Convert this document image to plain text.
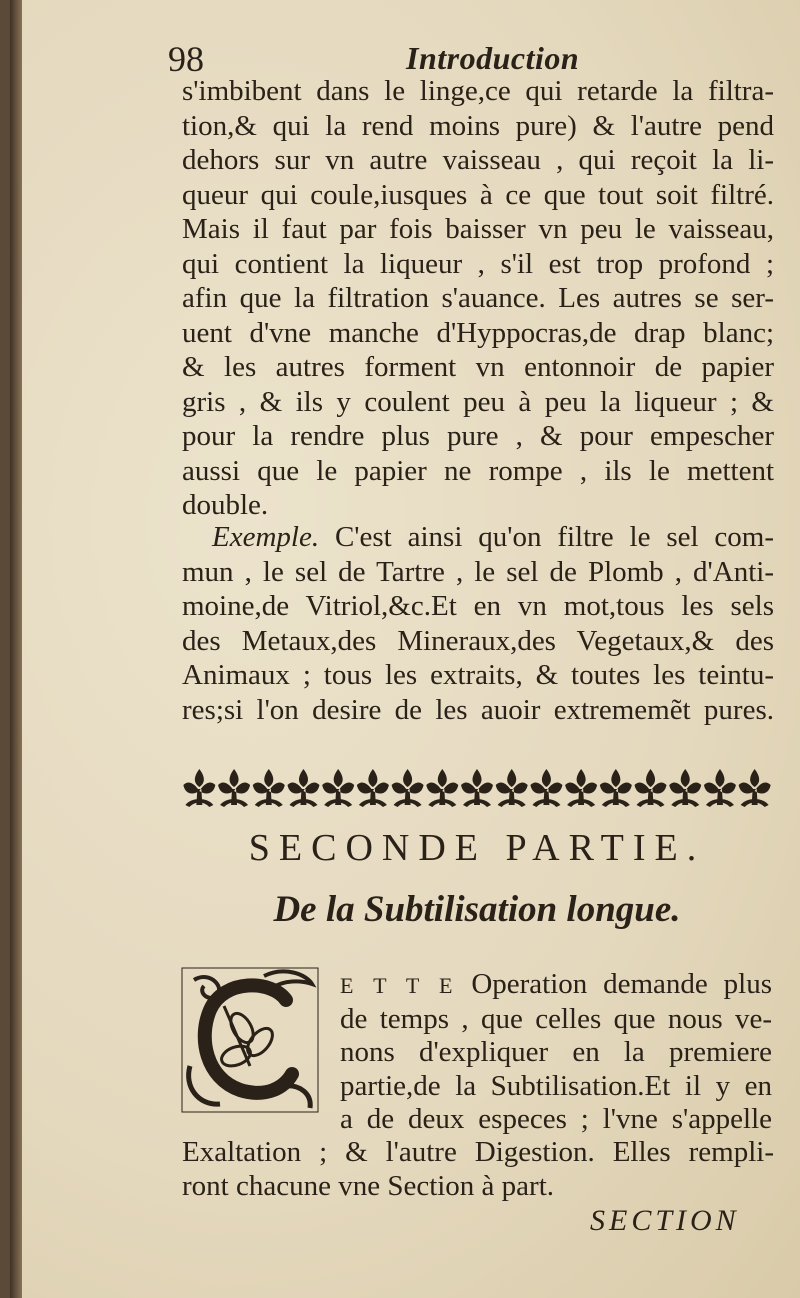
98	Introduction
s'imbibent dans le linge,ce qui retarde la filtra-
tion,& qui la rend moins pure) & l'autre pend
dehors sur vn autre vaisseau , qui reçoit la li-
queur qui coule,iusques à ce que tout soit filtré.
Mais il faut par fois baisser vn peu le vaisseau,
qui contient la liqueur , s'il est trop profond ;
afin que la filtration s'auance. Les autres se ser-
uent d'vne manche d'Hyppocras,de drap blanc;
& les autres forment vn entonnoir de papier
gris , & ils y coulent peu à peu la liqueur ; &
pour la rendre plus pure , & pour empescher
aussi que le papier ne rompe , ils le mettent
double.
Exemple. C'est ainsi qu'on filtre le sel com-
mun , le sel de Tartre , le sel de Plomb , d'Anti-
moine,de Vitriol,&c.Et en vn mot,tous les sels
des Metaux,des Mineraux,des Vegetaux,& des
Animaux ; tous les extraits, & toutes les teintu-
res;si l'on desire de les auoir extrememẽt pures.
SECONDE PARTIE.
De la Subtilisation longue.
E T T E Operation demande plus
de temps , que celles que nous ve-
nons d'expliquer en la premiere
partie,de la Subtilisation.Et il y en
a de deux especes ; l'vne s'appelle
Exaltation ; & l'autre Digestion. Elles rempli-
ront chacune vne Section à part.
SECTION
